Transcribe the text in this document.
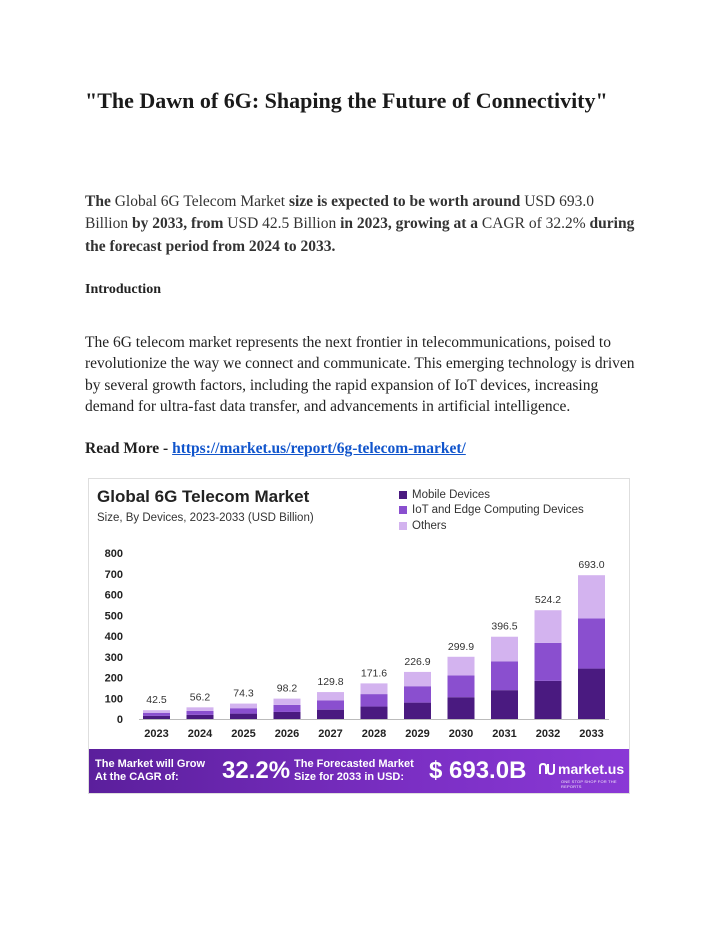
"The Dawn of 6G: Shaping the Future of Connectivity"

The Global 6G Telecom Market size is expected to be worth around USD 693.0 Billion by 2033, from USD 42.5 Billion in 2023, growing at a CAGR of 32.2% during the forecast period from 2024 to 2033.

Introduction

The 6G telecom market represents the next frontier in telecommunications, poised to revolutionize the way we connect and communicate. This emerging technology is driven by several growth factors, including the rapid expansion of IoT devices, increasing demand for ultra-fast data transfer, and advancements in artificial intelligence.

Read More - https://market.us/report/6g-telecom-market/
Global 6G Telecom Market
Size, By Devices, 2023-2033 (USD Billion)
Mobile Devices
IoT and Edge Computing Devices
Others
0
100
200
300
400
500
600
700
800
42.5
2023
56.2
2024
74.3
2025
98.2
2026
129.8
2027
171.6
2028
226.9
2029
299.9
2030
396.5
2031
524.2
2032
693.0
2033
The Market will Grow At the CAGR of:	32.2% The Forecasted Market Size for 2033 in USD:	$ 693.0B market.us
ONE STOP SHOP FOR THE REPORTS
